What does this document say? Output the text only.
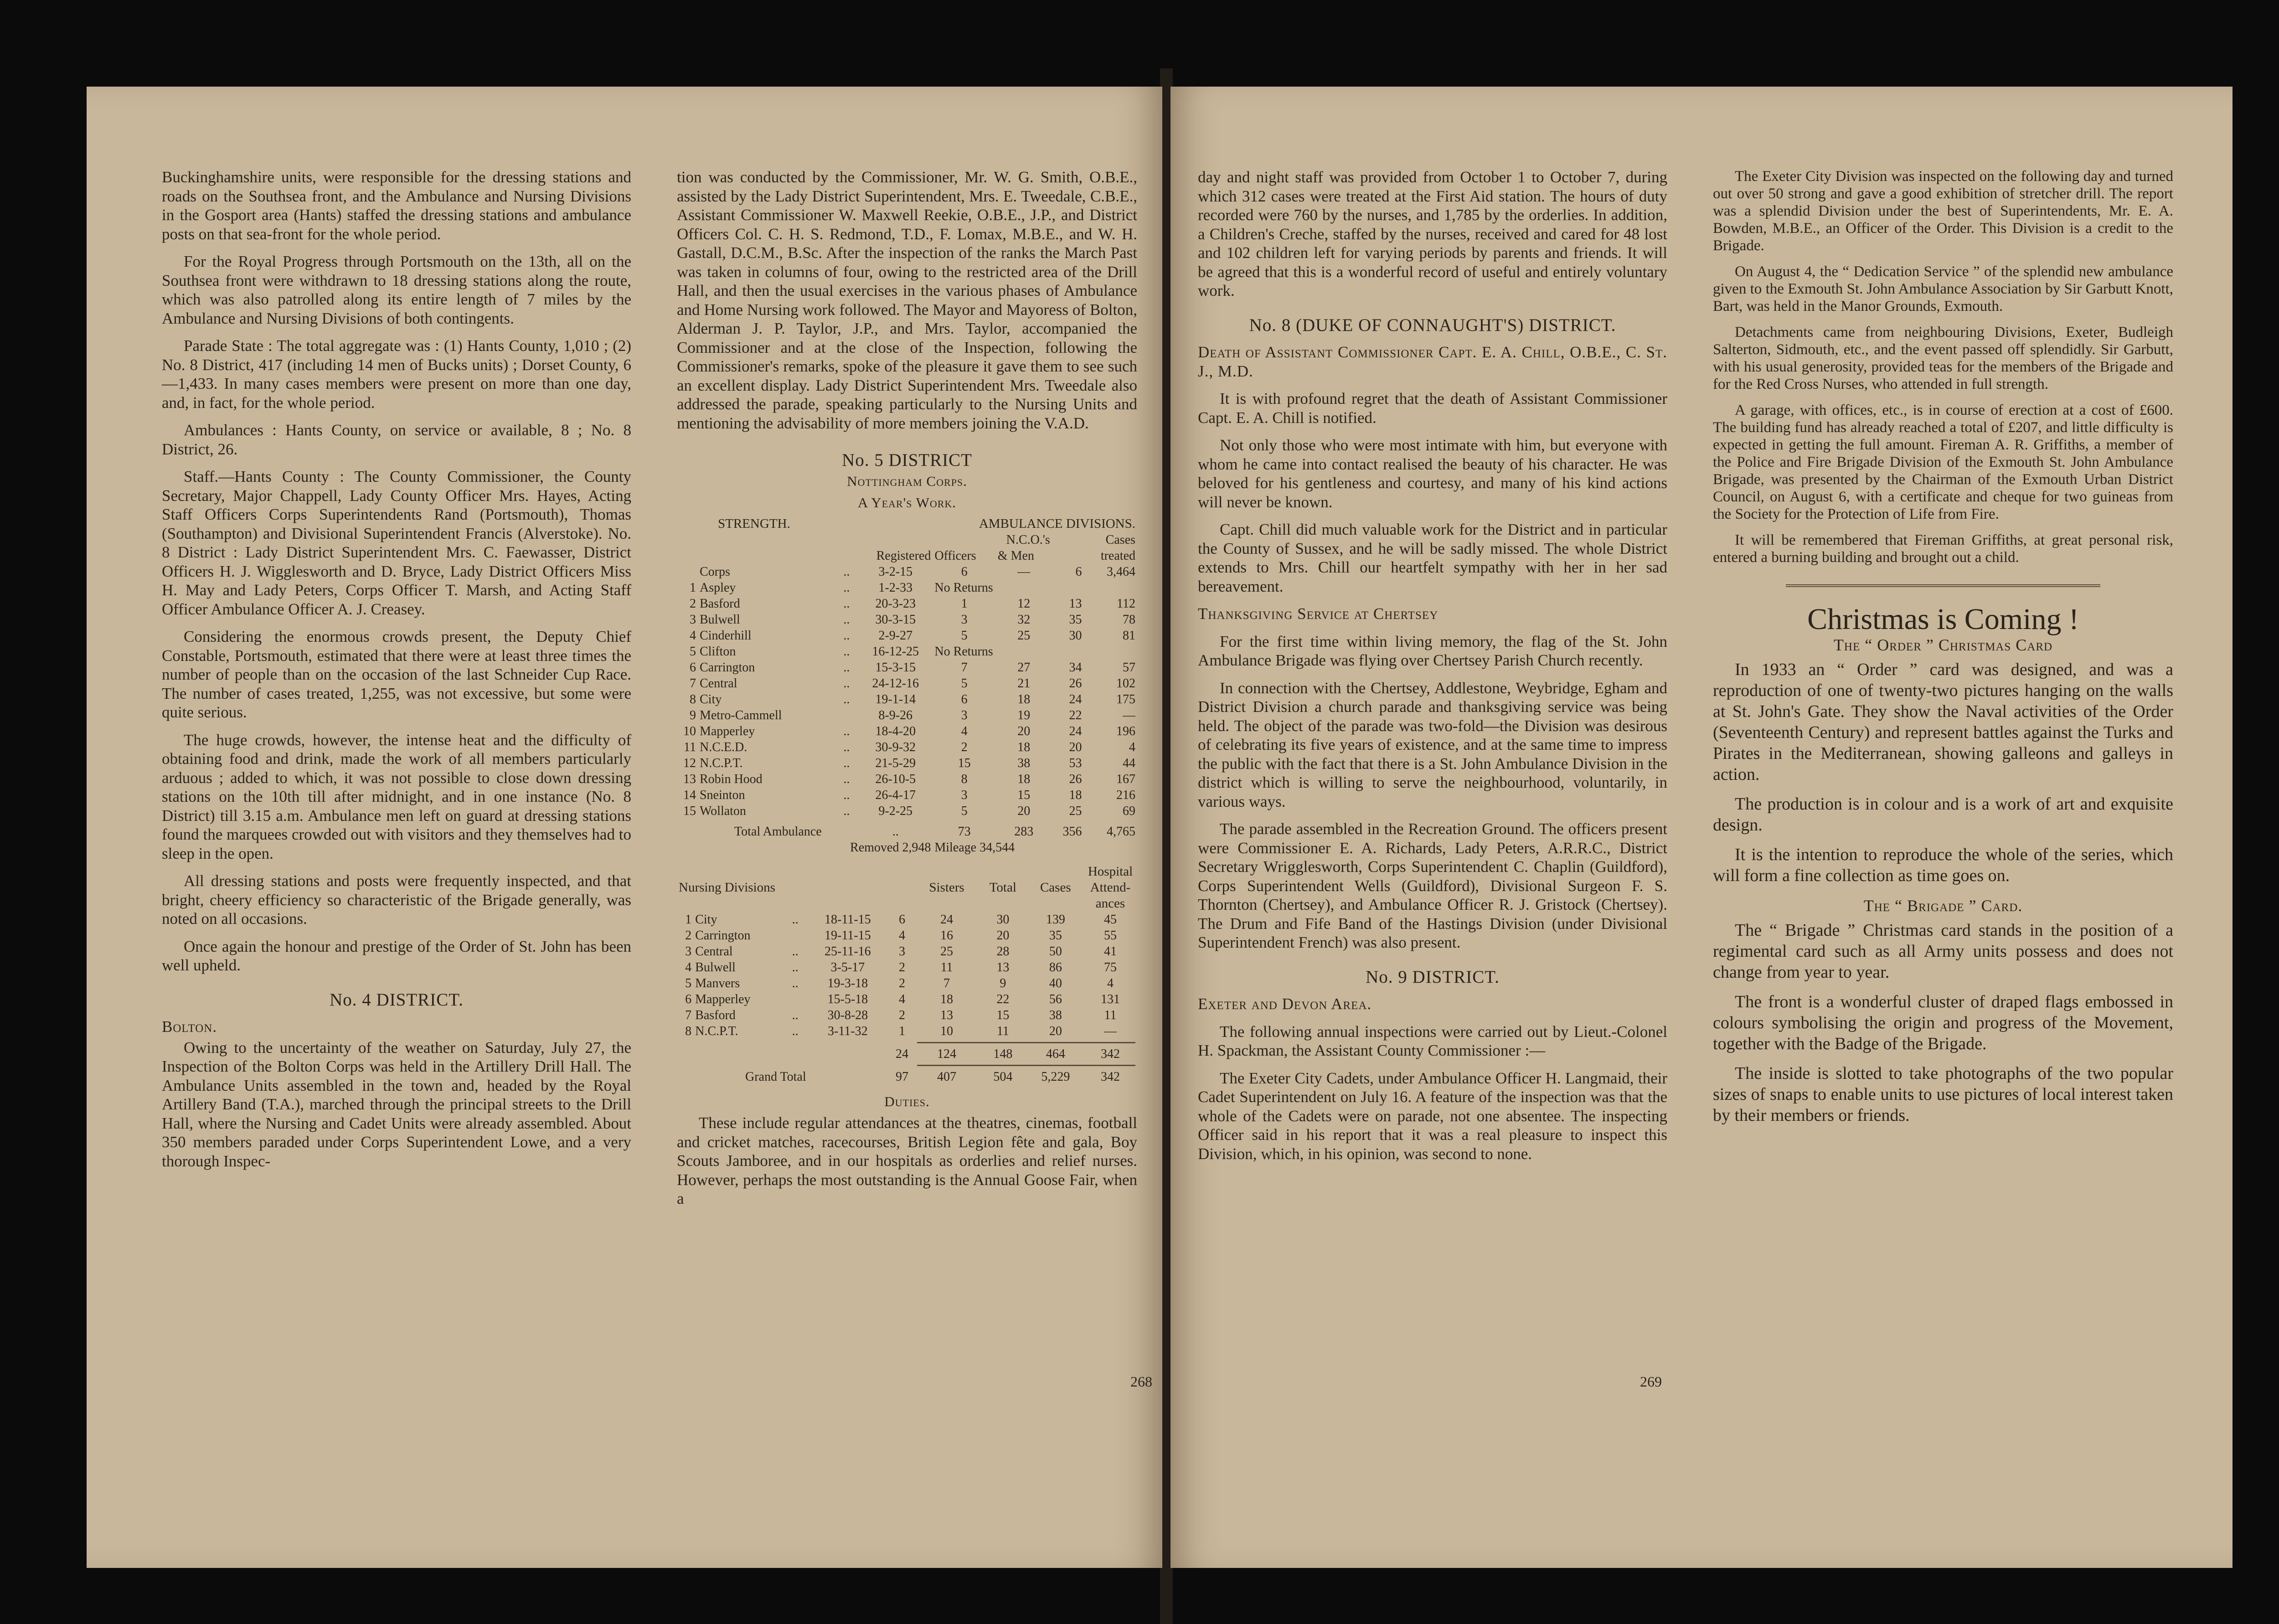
Buckinghamshire units, were responsible for the dressing stations and roads on the Southsea front, and the Ambulance and Nursing Divisions in the Gosport area (Hants) staffed the dressing stations and ambulance posts on that sea-front for the whole period.

For the Royal Progress through Portsmouth on the 13th, all on the Southsea front were withdrawn to 18 dressing stations along the route, which was also patrolled along its entire length of 7 miles by the Ambulance and Nursing Divisions of both contingents.

Parade State : The total aggregate was : (1) Hants County, 1,010 ; (2) No. 8 District, 417 (including 14 men of Bucks units) ; Dorset County, 6—1,433. In many cases members were present on more than one day, and, in fact, for the whole period.

Ambulances : Hants County, on service or available, 8 ; No. 8 District, 26.

Staff.—Hants County : The County Commissioner, the County Secretary, Major Chappell, Lady County Officer Mrs. Hayes, Acting Staff Officers Corps Superintendents Rand (Portsmouth), Thomas (Southampton) and Divisional Superintendent Francis (Alverstoke). No. 8 District : Lady District Superintendent Mrs. C. Faewasser, District Officers H. J. Wigglesworth and D. Bryce, Lady District Officers Miss H. May and Lady Peters, Corps Officer T. Marsh, and Acting Staff Officer Ambulance Officer A. J. Creasey.

Considering the enormous crowds present, the Deputy Chief Constable, Portsmouth, estimated that there were at least three times the number of people than on the occasion of the last Schneider Cup Race. The number of cases treated, 1,255, was not excessive, but some were quite serious.

The huge crowds, however, the intense heat and the difficulty of obtaining food and drink, made the work of all members particularly arduous ; added to which, it was not possible to close down dressing stations on the 10th till after midnight, and in one instance (No. 8 District) till 3.15 a.m. Ambulance men left on guard at dressing stations found the marquees crowded out with visitors and they themselves had to sleep in the open.

All dressing stations and posts were frequently inspected, and that bright, cheery efficiency so characteristic of the Brigade generally, was noted on all occasions.

Once again the honour and prestige of the Order of St. John has been well upheld.

No. 4 DISTRICT.

Bolton.

Owing to the uncertainty of the weather on Saturday, July 27, the Inspection of the Bolton Corps was held in the Artillery Drill Hall. The Ambulance Units assembled in the town and, headed by the Royal Artillery Band (T.A.), marched through the principal streets to the Drill Hall, where the Nursing and Cadet Units were already assembled. About 350 members paraded under Corps Superintendent Lowe, and a very thorough Inspec-

tion was conducted by the Commissioner, Mr. W. G. Smith, O.B.E., assisted by the Lady District Superintendent, Mrs. E. Tweedale, C.B.E., Assistant Commissioner W. Maxwell Reekie, O.B.E., J.P., and District Officers Col. C. H. S. Redmond, T.D., F. Lomax, M.B.E., and W. H. Gastall, D.C.M., B.Sc. After the inspection of the ranks the March Past was taken in columns of four, owing to the restricted area of the Drill Hall, and then the usual exercises in the various phases of Ambulance and Home Nursing work followed. The Mayor and Mayoress of Bolton, Alderman J. P. Taylor, J.P., and Mrs. Taylor, accompanied the Commissioner and at the close of the Inspection, following the Commissioner's remarks, spoke of the pleasure it gave them to see such an excellent display. Lady District Superintendent Mrs. Tweedale also addressed the parade, speaking particularly to the Nursing Units and mentioning the advisability of more members joining the V.A.D.

No. 5 DISTRICT
Nottingham Corps.
A Year's Work.
STRENGTH.				AMBULANCE DIVISIONS.			
				N.C.O.'s			Cases
			Registered	Officers	& Men		treated
	Corps	..	3-2-15	6	—	6	3,464
1	Aspley	..	1-2-33	No Returns			
2	Basford	..	20-3-23	1	12	13	112
3	Bulwell	..	30-3-15	3	32	35	78
4	Cinderhill	..	2-9-27	5	25	30	81
5	Clifton	..	16-12-25	No Returns			
6	Carrington	..	15-3-15	7	27	34	57
7	Central	..	24-12-16	5	21	26	102
8	City	..	19-1-14	6	18	24	175
9	Metro-Cammell		8-9-26	3	19	22	—
10	Mapperley	..	18-4-20	4	20	24	196
11	N.C.E.D.	..	30-9-32	2	18	20	4
12	N.C.P.T.	..	21-5-29	15	38	53	44
13	Robin Hood	..	26-10-5	8	18	26	167
14	Sneinton	..	26-4-17	3	15	18	216
15	Wollaton	..	9-2-25	5	20	25	69

	Total Ambulance		..	73	283	356	4,765
Removed 2,948				Mileage 34,544			
Nursing Divisions					Sisters	Total	Cases	Hospital Attend-ances
1	City	..	18-11-15	6	24	30	139	45
2	Carrington		19-11-15	4	16	20	35	55
3	Central	..	25-11-16	3	25	28	50	41
4	Bulwell	..	3-5-17	2	11	13	86	75
5	Manvers	..	19-3-18	2	7	9	40	4
6	Mapperley		15-5-18	4	18	22	56	131
7	Basford	..	30-8-28	2	13	15	38	11
8	N.C.P.T.	..	3-11-32	1	10	11	20	—

				24	124	148	464	342

Grand Total				97	407	504	5,229	342
Duties.

These include regular attendances at the theatres, cinemas, football and cricket matches, racecourses, British Legion fête and gala, Boy Scouts Jamboree, and in our hospitals as orderlies and relief nurses. However, perhaps the most outstanding is the Annual Goose Fair, when a

268

day and night staff was provided from October 1 to October 7, during which 312 cases were treated at the First Aid station. The hours of duty recorded were 760 by the nurses, and 1,785 by the orderlies. In addition, a Children's Creche, staffed by the nurses, received and cared for 48 lost and 102 children left for varying periods by parents and friends. It will be agreed that this is a wonderful record of useful and entirely voluntary work.

No. 8 (DUKE OF CONNAUGHT'S) DISTRICT.

Death of Assistant Commissioner Capt. E. A. Chill, O.B.E., C. St. J., M.D.

It is with profound regret that the death of Assistant Commissioner Capt. E. A. Chill is notified.

Not only those who were most intimate with him, but everyone with whom he came into contact realised the beauty of his character. He was beloved for his gentleness and courtesy, and many of his kind actions will never be known.

Capt. Chill did much valuable work for the District and in particular the County of Sussex, and he will be sadly missed. The whole District extends to Mrs. Chill our heartfelt sympathy with her in her sad bereavement.

Thanksgiving Service at Chertsey

For the first time within living memory, the flag of the St. John Ambulance Brigade was flying over Chertsey Parish Church recently.

In connection with the Chertsey, Addlestone, Weybridge, Egham and District Division a church parade and thanksgiving service was being held. The object of the parade was two-fold—the Division was desirous of celebrating its five years of existence, and at the same time to impress the public with the fact that there is a St. John Ambulance Division in the district which is willing to serve the neighbourhood, voluntarily, in various ways.

The parade assembled in the Recreation Ground. The officers present were Commissioner E. A. Richards, Lady Peters, A.R.R.C., District Secretary Wrigglesworth, Corps Superintendent C. Chaplin (Guildford), Corps Superintendent Wells (Guildford), Divisional Surgeon F. S. Thornton (Chertsey), and Ambulance Officer R. J. Gristock (Chertsey). The Drum and Fife Band of the Hastings Division (under Divisional Superintendent French) was also present.

No. 9 DISTRICT.

Exeter and Devon Area.

The following annual inspections were carried out by Lieut.-Colonel H. Spackman, the Assistant County Commissioner :—

The Exeter City Cadets, under Ambulance Officer H. Langmaid, their Cadet Superintendent on July 16. A feature of the inspection was that the whole of the Cadets were on parade, not one absentee. The inspecting Officer said in his report that it was a real pleasure to inspect this Division, which, in his opinion, was second to none.

The Exeter City Division was inspected on the following day and turned out over 50 strong and gave a good exhibition of stretcher drill. The report was a splendid Division under the best of Superintendents, Mr. E. A. Bowden, M.B.E., an Officer of the Order. This Division is a credit to the Brigade.

On August 4, the “ Dedication Service ” of the splendid new ambulance given to the Exmouth St. John Ambulance Association by Sir Garbutt Knott, Bart, was held in the Manor Grounds, Exmouth.

Detachments came from neighbouring Divisions, Exeter, Budleigh Salterton, Sidmouth, etc., and the event passed off splendidly. Sir Garbutt, with his usual generosity, provided teas for the members of the Brigade and for the Red Cross Nurses, who attended in full strength.

A garage, with offices, etc., is in course of erection at a cost of £600. The building fund has already reached a total of £207, and little difficulty is expected in getting the full amount. Fireman A. R. Griffiths, a member of the Police and Fire Brigade Division of the Exmouth St. John Ambulance Brigade, was presented by the Chairman of the Exmouth Urban District Council, on August 6, with a certificate and cheque for two guineas from the Society for the Protection of Life from Fire.

It will be remembered that Fireman Griffiths, at great personal risk, entered a burning building and brought out a child.

Christmas is Coming !
The “ Order ” Christmas Card

In 1933 an “ Order ” card was designed, and was a reproduction of one of twenty-two pictures hanging on the walls at St. John's Gate. They show the Naval activities of the Order (Seventeenth Century) and represent battles against the Turks and Pirates in the Mediterranean, showing galleons and galleys in action.

The production is in colour and is a work of art and exquisite design.

It is the intention to reproduce the whole of the series, which will form a fine collection as time goes on.

The “ Brigade ” Card.

The “ Brigade ” Christmas card stands in the position of a regimental card such as all Army units possess and does not change from year to year.

The front is a wonderful cluster of draped flags embossed in colours symbolising the origin and progress of the Movement, together with the Badge of the Brigade.

The inside is slotted to take photographs of the two popular sizes of snaps to enable units to use pictures of local interest taken by their members or friends.

269
